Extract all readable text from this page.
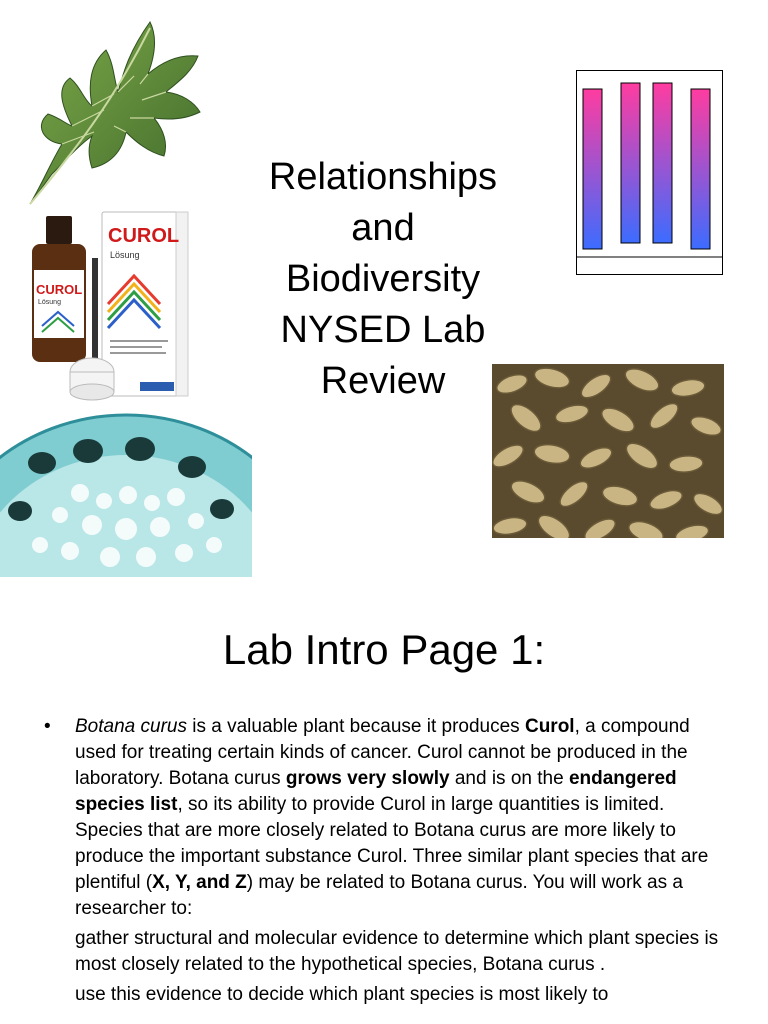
CUROL
Lösung
CUROL
Lösung
Relationships
and
Biodiversity
NYSED Lab
Review
Lab Intro Page 1:
• Botana curus is a valuable plant because it produces Curol, a compound used for treating certain kinds of cancer. Curol cannot be produced in the laboratory. Botana curus grows very slowly and is on the endangered species list, so its ability to provide Curol in large quantities is limited. Species that are more closely related to Botana curus are more likely to produce the important substance Curol. Three similar plant species that are plentiful (X, Y, and Z) may be related to Botana curus. You will work as a researcher to:

gather structural and molecular evidence to determine which plant species is most closely related to the hypothetical species, Botana curus .

use this evidence to decide which plant species is most likely to
